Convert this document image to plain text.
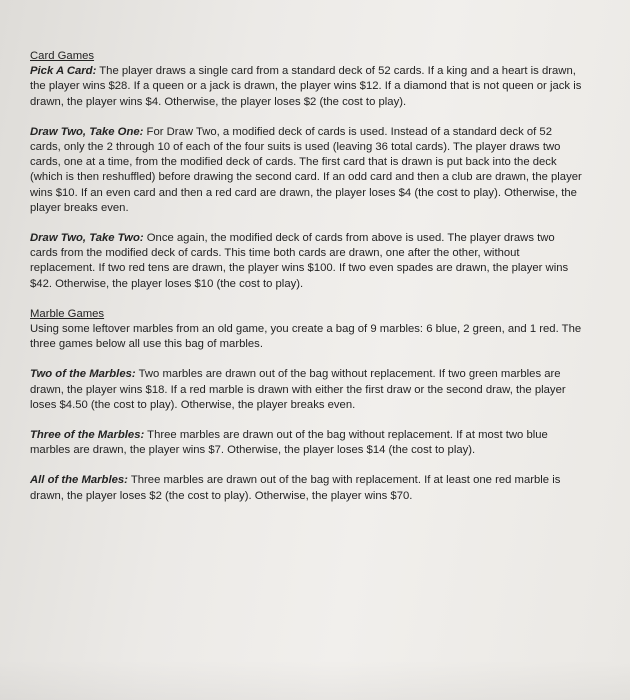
Card Games

Pick A Card: The player draws a single card from a standard deck of 52 cards. If a king and a heart is drawn, the player wins $28. If a queen or a jack is drawn, the player wins $12. If a diamond that is not queen or jack is drawn, the player wins $4. Otherwise, the player loses $2 (the cost to play).

Draw Two, Take One: For Draw Two, a modified deck of cards is used. Instead of a standard deck of 52 cards, only the 2 through 10 of each of the four suits is used (leaving 36 total cards). The player draws two cards, one at a time, from the modified deck of cards. The first card that is drawn is put back into the deck (which is then reshuffled) before drawing the second card. If an odd card and then a club are drawn, the player wins $10. If an even card and then a red card are drawn, the player loses $4 (the cost to play). Otherwise, the player breaks even.

Draw Two, Take Two: Once again, the modified deck of cards from above is used. The player draws two cards from the modified deck of cards. This time both cards are drawn, one after the other, without replacement. If two red tens are drawn, the player wins $100. If two even spades are drawn, the player wins $42. Otherwise, the player loses $10 (the cost to play).

Marble Games

Using some leftover marbles from an old game, you create a bag of 9 marbles: 6 blue, 2 green, and 1 red. The three games below all use this bag of marbles.

Two of the Marbles: Two marbles are drawn out of the bag without replacement. If two green marbles are drawn, the player wins $18. If a red marble is drawn with either the first draw or the second draw, the player loses $4.50 (the cost to play). Otherwise, the player breaks even.

Three of the Marbles: Three marbles are drawn out of the bag without replacement. If at most two blue marbles are drawn, the player wins $7. Otherwise, the player loses $14 (the cost to play).

All of the Marbles: Three marbles are drawn out of the bag with replacement. If at least one red marble is drawn, the player loses $2 (the cost to play). Otherwise, the player wins $70.
